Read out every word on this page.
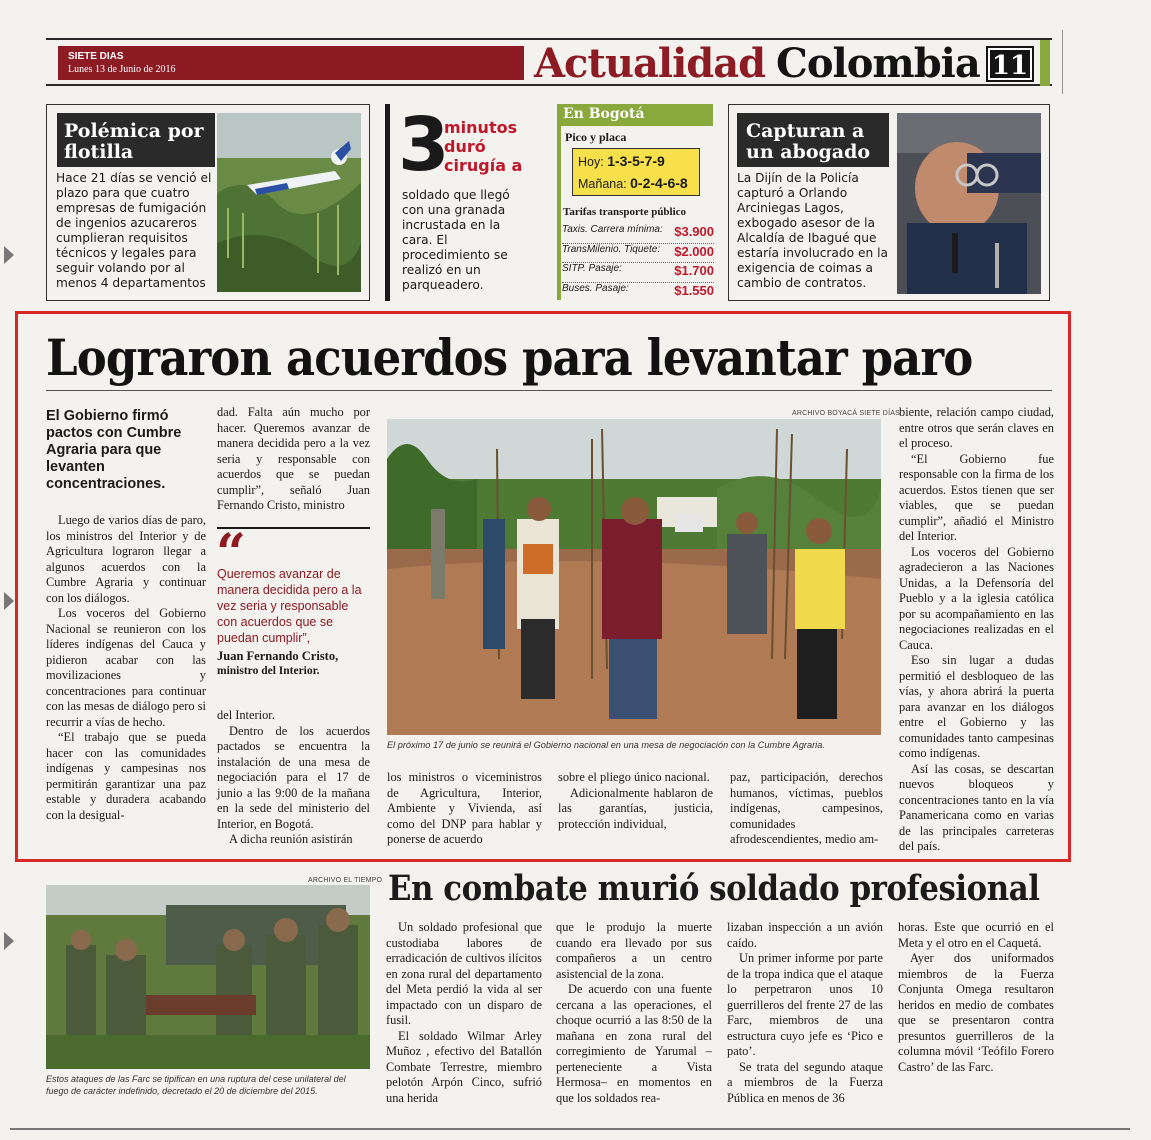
SIETE DIAS
Lunes 13 de Junio de 2016	Actualidad Colombia 11
Polémica por flotilla
Hace 21 días se venció el plazo para que cuatro empresas de fumigación de ingenios azucareros cumplieran requisitos técnicos y legales para seguir volando por al menos 4 departamentos
3
minutos duró cirugía a
soldado que llegó con una granada incrustada en la cara. El procedimiento se realizó en un parqueadero.
En Bogotá
Pico y placa
Hoy: 1-3-5-7-9
Mañana: 0-2-4-6-8
Tarifas transporte público
Taxis. Carrera mínima: $3.900
TransMilenio. Tiquete: $2.000
SITP. Pasaje:	$1.700
Buses. Pasaje:	$1.550
Capturan a un abogado
La Dijín de la Policía capturó a Orlando Arciniegas Lagos, exbogado asesor de la Alcaldía de Ibagué que estaría involucrado en la exigencia de coimas a cambio de contratos.
Lograron acuerdos para levantar paro
El Gobierno firmó pactos con Cumbre Agraria para que levanten concentraciones.

Luego de varios días de paro, los ministros del Interior y de Agricultura lograron llegar a algunos acuerdos con la Cumbre Agraria y continuar con los diálogos.

Los voceros del Gobierno Nacional se reunieron con los líderes indígenas del Cauca y pidieron acabar con las movilizaciones y concentraciones para continuar con las mesas de diálogo pero si recurrir a vías de hecho.

“El trabajo que se pueda hacer con las comunidades indígenas y campesinas nos permitirán garantizar una paz estable y duradera acabando con la desigual-

dad. Falta aún mucho por hacer. Queremos avanzar de manera decidida pero a la vez seria y responsable con acuerdos que se puedan cumplir”, señaló Juan Fernando Cristo, ministro

“
Queremos avanzar de manera decidida pero a la vez seria y responsable con acuerdos que se puedan cumplir”,
Juan Fernando Cristo,
ministro del Interior.

del Interior.

Dentro de los acuerdos pactados se encuentra la instalación de una mesa de negociación para el 17 de junio a las 9:00 de la mañana en la sede del ministerio del Interior, en Bogotá.

A dicha reunión asistirán

ARCHIVO BOYACÁ SIETE DÍAS
El próximo 17 de junio se reunirá el Gobierno nacional en una mesa de negociación con la Cumbre Agraria.

los ministros o viceministros de Agricultura, Interior, Ambiente y Vivienda, así como del DNP para hablar y ponerse de acuerdo

sobre el pliego único nacional.

Adicionalmente hablaron de las garantías, justicia, protección individual,

paz, participación, derechos humanos, víctimas, pueblos indígenas, campesinos, comunidades afrodescendientes, medio am-

biente, relación campo ciudad, entre otros que serán claves en el proceso.

“El Gobierno fue responsable con la firma de los acuerdos. Estos tienen que ser viables, que se puedan cumplir”, añadió el Ministro del Interior.

Los voceros del Gobierno agradecieron a las Naciones Unidas, a la Defensoría del Pueblo y a la iglesia católica por su acompañamiento en las negociaciones realizadas en el Cauca.

Eso sin lugar a dudas permitió el desbloqueo de las vías, y ahora abrirá la puerta para avanzar en los diálogos entre el Gobierno y las comunidades tanto campesinas como indígenas.

Así las cosas, se descartan nuevos bloqueos y concentraciones tanto en la vía Panamericana como en varias de las principales carreteras del país.

ARCHIVO EL TIEMPO
Estos ataques de las Farc se tipifican en una ruptura del cese unilateral del fuego de carácter indefinido, decretado el 20 de diciembre del 2015.
En combate murió soldado profesional

Un soldado profesional que custodiaba labores de erradicación de cultivos ilícitos en zona rural del departamento del Meta perdió la vida al ser impactado con un disparo de fusil.

El soldado Wilmar Arley Muñoz , efectivo del Batallón Combate Terrestre, miembro pelotón Arpón Cinco, sufrió una herida

que le produjo la muerte cuando era llevado por sus compañeros a un centro asistencial de la zona.

De acuerdo con una fuente cercana a las operaciones, el choque ocurrió a las 8:50 de la mañana en zona rural del corregimiento de Yarumal –perteneciente a Vista Hermosa– en momentos en que los soldados rea-

lizaban inspección a un avión caído.

Un primer informe por parte de la tropa indica que el ataque lo perpetraron unos 10 guerrilleros del frente 27 de las Farc, miembros de una estructura cuyo jefe es ‘Pico e pato’.

Se trata del segundo ataque a miembros de la Fuerza Pública en menos de 36

horas. Este que ocurrió en el Meta y el otro en el Caquetá.

Ayer dos uniformados miembros de la Fuerza Conjunta Omega resultaron heridos en medio de combates que se presentaron contra presuntos guerrilleros de la columna móvil ‘Teófilo Forero Castro’ de las Farc.
